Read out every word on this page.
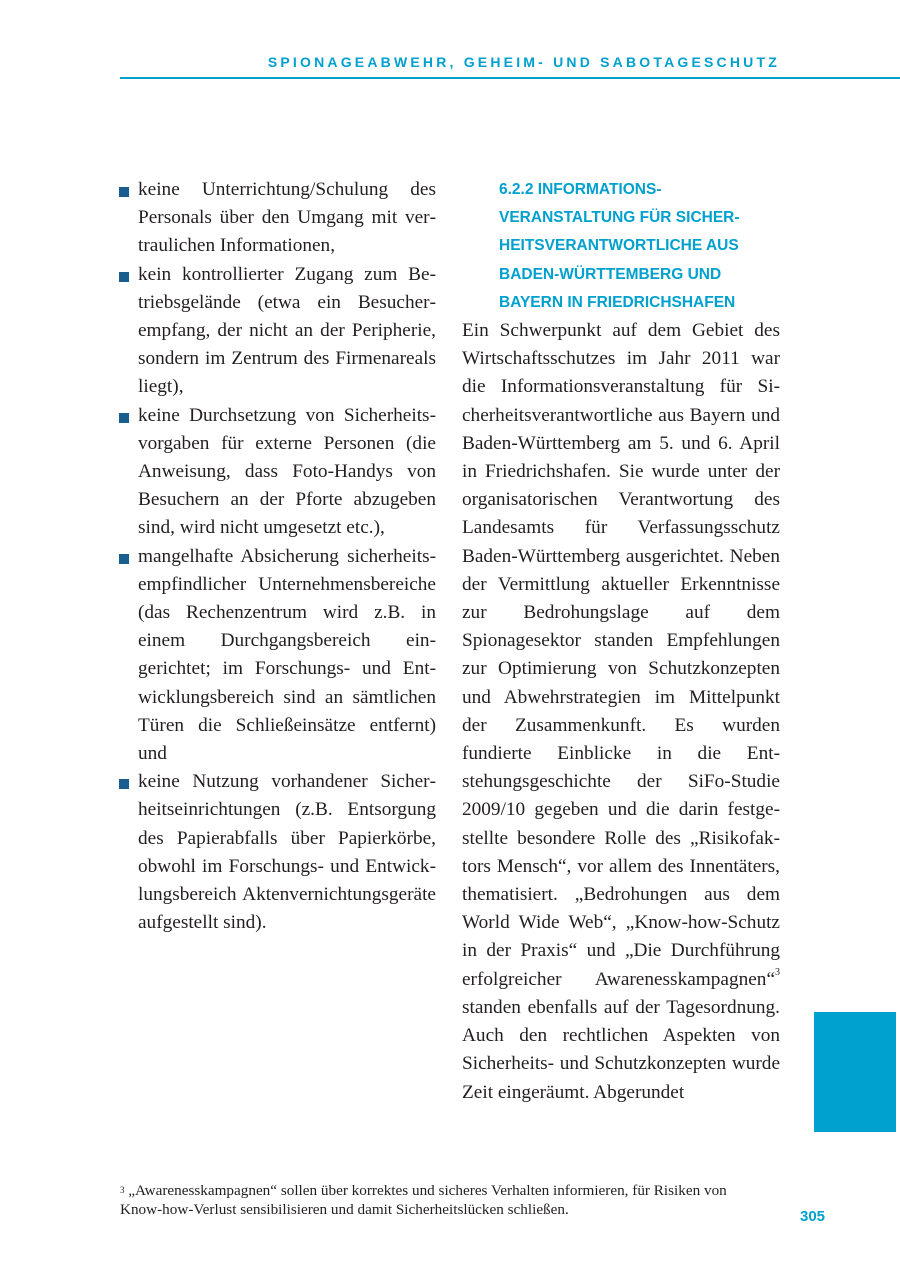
SPIONAGEABWEHR, GEHEIM- UND SABOTAGESCHUTZ
keine Unterrichtung/Schulung des Personals über den Umgang mit vertraulichen Informationen,
kein kontrollierter Zugang zum Betriebsgelände (etwa ein Besucherempfang, der nicht an der Peripherie, sondern im Zentrum des Firmenareals liegt),
keine Durchsetzung von Sicherheitsvorgaben für externe Personen (die Anweisung, dass Foto-Handys von Besuchern an der Pforte abzugeben sind, wird nicht umgesetzt etc.),
mangelhafte Absicherung sicherheitsempfindlicher Unternehmensbereiche (das Rechenzentrum wird z.B. in einem Durchgangsbereich eingerichtet; im Forschungs- und Entwicklungsbereich sind an sämtlichen Türen die Schließeinsätze entfernt) und
keine Nutzung vorhandener Sicherheitseinrichtungen (z.B. Entsorgung des Papierabfalls über Papierkörbe, obwohl im Forschungs- und Entwicklungsbereich Aktenvernichtungsgeräte aufgestellt sind).
6.2.2 INFORMATIONSVERANSTALTUNG FÜR SICHERHEITSVERANTWORTLICHE AUS BADEN-WÜRTTEMBERG UND BAYERN IN FRIEDRICHSHAFEN

Ein Schwerpunkt auf dem Gebiet des Wirtschaftsschutzes im Jahr 2011 war die Informationsveranstaltung für Sicherheitsverantwortliche aus Bayern und Baden-Württemberg am 5. und 6. April in Friedrichshafen. Sie wurde unter der organisatorischen Verantwortung des Landesamts für Verfassungsschutz Baden-Württemberg ausgerichtet. Neben der Vermittlung aktueller Erkenntnisse zur Bedrohungslage auf dem Spionagesektor standen Empfehlungen zur Optimierung von Schutzkonzepten und Abwehrstrategien im Mittelpunkt der Zusammenkunft. Es wurden fundierte Einblicke in die Entstehungsgeschichte der SiFo-Studie 2009/10 gegeben und die darin festgestellte besondere Rolle des „Risikofaktors Mensch“, vor allem des Innentäters, thematisiert. „Bedrohungen aus dem World Wide Web“, „Know-how-Schutz in der Praxis“ und „Die Durchführung erfolgreicher Awarenesskampagnen“$^3$ standen ebenfalls auf der Tagesordnung. Auch den rechtlichen Aspekten von Sicherheits- und Schutzkonzepten wurde Zeit eingeräumt. Abgerundet

$^3$ „Awarenesskampagnen“ sollen über korrektes und sicheres Verhalten informieren, für Risiken von Know-how-Verlust sensibilisieren und damit Sicherheitslücken schließen.	305
